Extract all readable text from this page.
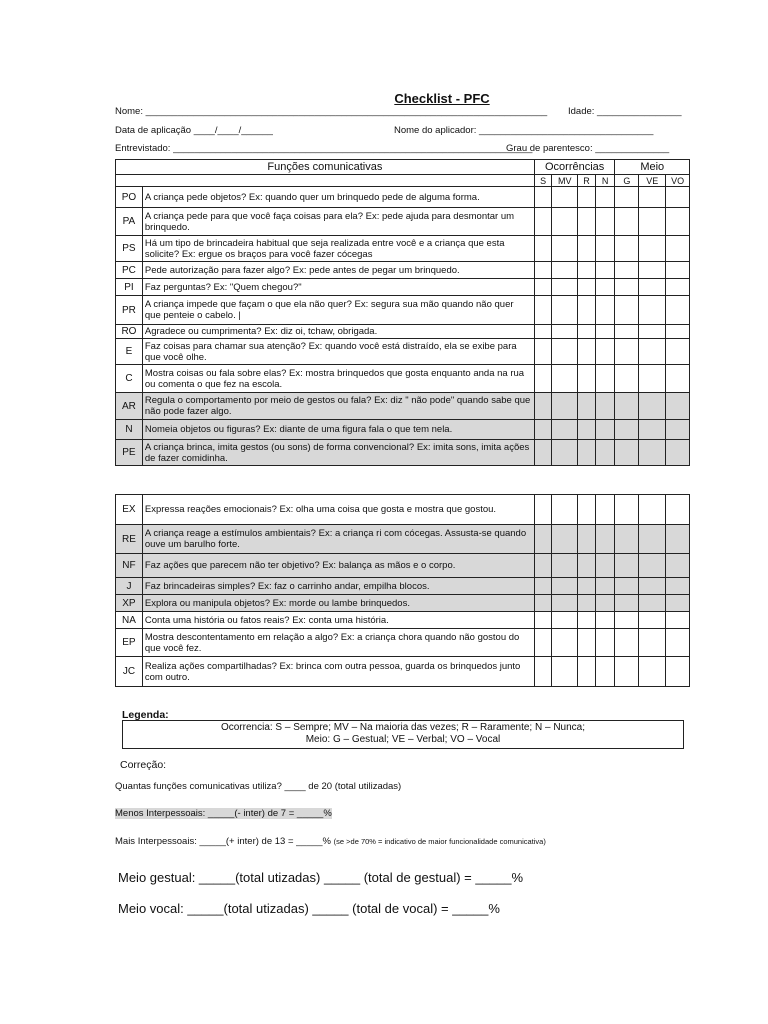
Checklist - PFC
Nome: ____________________________________________________________________________ Idade: ________________
Data de aplicação ____/____/______	Nome do aplicador: _________________________________
Entrevistado: ____________________________________________________________________
Grau de parentesco: ______________
Funções comunicativas		Ocorrências				Meio		
		S	MV	R	N	G	VE	VO
PO	A criança pede objetos? Ex: quando quer um brinquedo pede de alguma forma.							
PA	A criança pede para que você faça coisas para ela? Ex: pede ajuda para desmontar um brinquedo.							
PS	Há um tipo de brincadeira habitual que seja realizada entre você e a criança que esta solicite? Ex: ergue os braços para você fazer cócegas							
PC	Pede autorização para fazer algo? Ex: pede antes de pegar um brinquedo.							
PI	Faz perguntas? Ex: "Quem chegou?"							
PR	A criança impede que façam o que ela não quer? Ex: segura sua mão quando não quer que penteie o cabelo. |							
RO	Agradece ou cumprimenta? Ex: diz oi, tchaw, obrigada.							
E	Faz coisas para chamar sua atenção? Ex: quando você está distraído, ela se exibe para que você olhe.							
C	Mostra coisas ou fala sobre elas? Ex: mostra brinquedos que gosta enquanto anda na rua ou comenta o que fez na escola.							
AR	Regula o comportamento por meio de gestos ou fala? Ex: diz " não pode" quando sabe que não pode fazer algo.							
N	Nomeia objetos ou figuras? Ex: diante de uma figura fala o que tem nela.							
PE	A criança brinca, imita gestos (ou sons) de forma convencional? Ex: imita sons, imita ações de fazer comidinha.							
EX	Expressa reações emocionais? Ex: olha uma coisa que gosta e mostra que gostou.							
RE	A criança reage a estímulos ambientais? Ex: a criança ri com cócegas. Assusta-se quando ouve um barulho forte.							
NF	Faz ações que parecem não ter objetivo? Ex: balança as mãos e o corpo.							
J	Faz brincadeiras simples? Ex: faz o carrinho andar, empilha blocos.							
XP	Explora ou manipula objetos? Ex: morde ou lambe brinquedos.							
NA	Conta uma história ou fatos reais? Ex: conta uma história.							
EP	Mostra descontentamento em relação a algo? Ex: a criança chora quando não gostou do que você fez.							
JC	Realiza ações compartilhadas? Ex: brinca com outra pessoa, guarda os brinquedos junto com outro.							
Legenda:
Ocorrencia: S – Sempre; MV – Na maioria das vezes; R – Raramente; N – Nunca;
Meio: G – Gestual; VE – Verbal; VO – Vocal
Correção:
Quantas funções comunicativas utiliza? ____ de 20 (total utilizadas)
Menos Interpessoais: _____(- inter) de 7 = _____%
Mais Interpessoais: _____(+ inter) de 13 = _____% (se >de 70% = indicativo de maior funcionalidade comunicativa)
Meio gestual: _____(total utizadas) _____ (total de gestual) = _____%
Meio vocal: _____(total utizadas) _____ (total de vocal) = _____%
